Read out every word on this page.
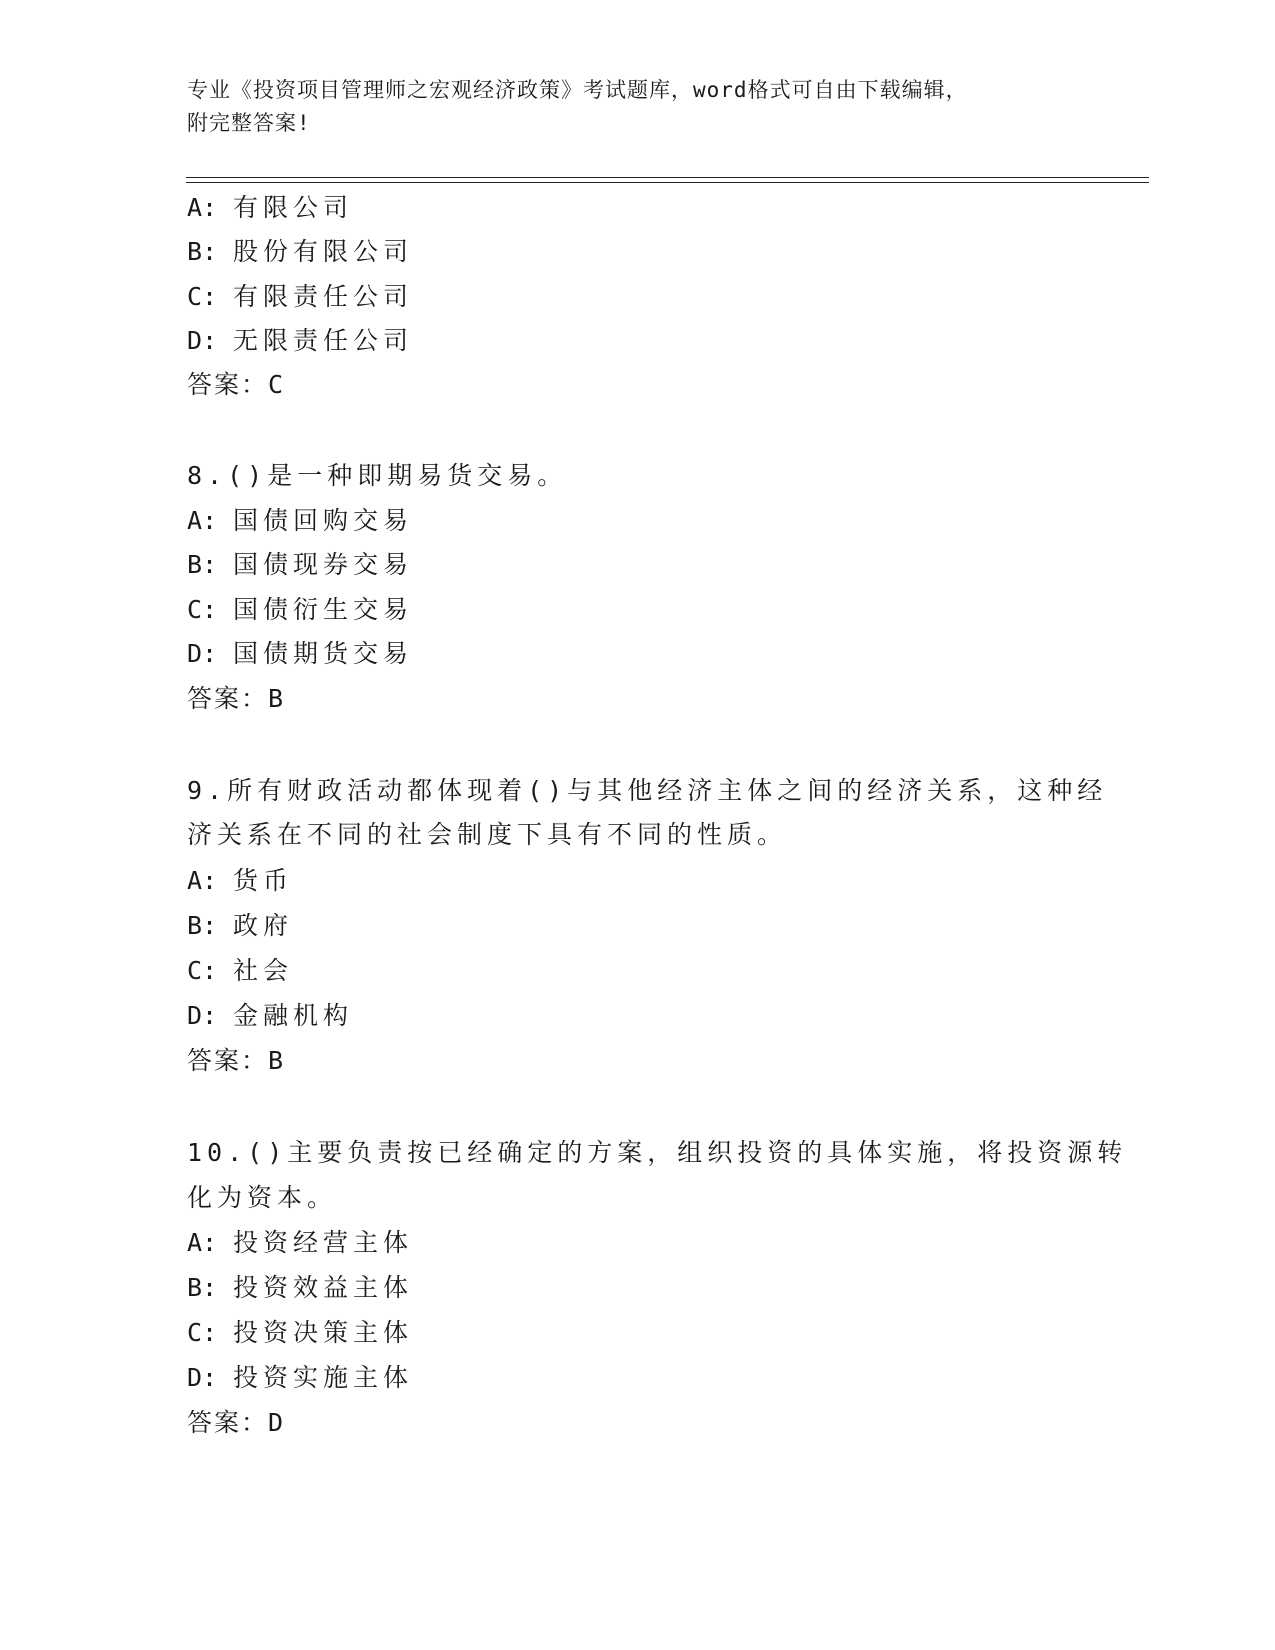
专业《投资项目管理师之宏观经济政策》考试题库，word格式可自由下载编辑，
附完整答案!
A: 有限公司
B: 股份有限公司
C: 有限责任公司
D: 无限责任公司
答案：C
8.()是一种即期易货交易。
A: 国债回购交易
B: 国债现券交易
C: 国债衍生交易
D: 国债期货交易
答案：B
9.所有财政活动都体现着()与其他经济主体之间的经济关系，这种经
济关系在不同的社会制度下具有不同的性质。
A: 货币
B: 政府
C: 社会
D: 金融机构
答案：B
10.()主要负责按已经确定的方案，组织投资的具体实施，将投资源转
化为资本。
A: 投资经营主体
B: 投资效益主体
C: 投资决策主体
D: 投资实施主体
答案：D
